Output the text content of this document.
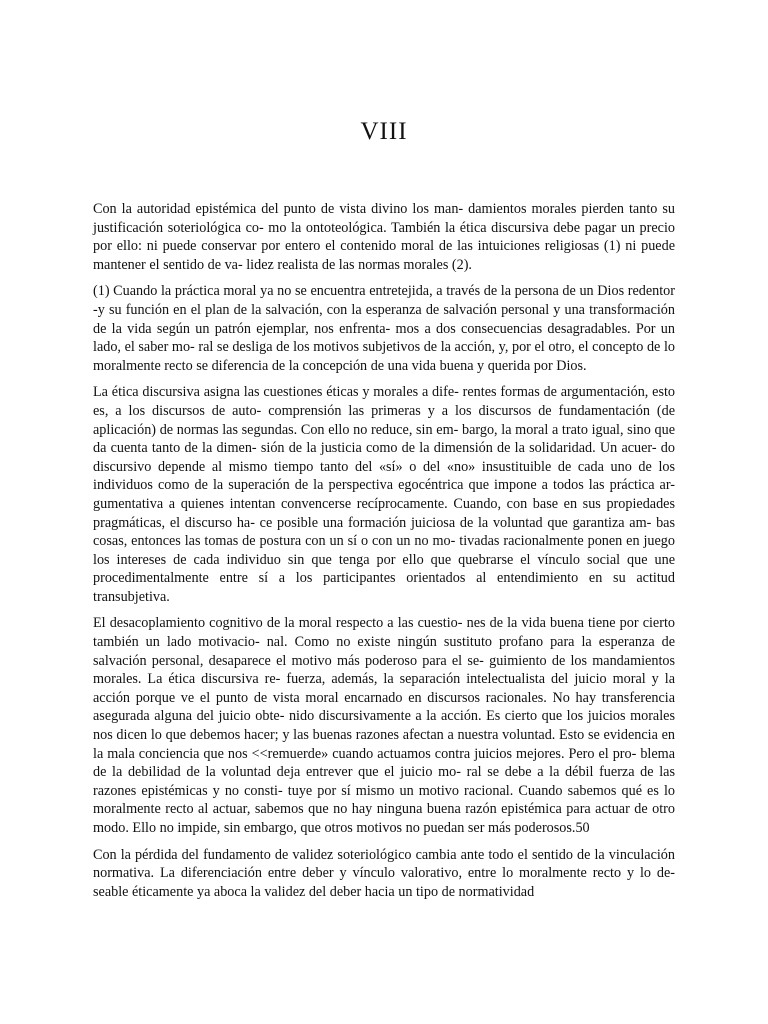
VIII

Con la autoridad epistémica del punto de vista divino los man- damientos morales pierden tanto su justificación soteriológica co- mo la ontoteológica. También la ética discursiva debe pagar un precio por ello: ni puede conservar por entero el contenido moral de las intuiciones religiosas (1) ni puede mantener el sentido de va- lidez realista de las normas morales (2).

(1) Cuando la práctica moral ya no se encuentra entretejida, a través de la persona de un Dios redentor -y su función en el plan de la salvación, con la esperanza de salvación personal y una transformación de la vida según un patrón ejemplar, nos enfrenta- mos a dos consecuencias desagradables. Por un lado, el saber mo- ral se desliga de los motivos subjetivos de la acción, y, por el otro, el concepto de lo moralmente recto se diferencia de la concepción de una vida buena y querida por Dios.

La ética discursiva asigna las cuestiones éticas y morales a dife- rentes formas de argumentación, esto es, a los discursos de auto- comprensión las primeras y a los discursos de fundamentación (de aplicación) de normas las segundas. Con ello no reduce, sin em- bargo, la moral a trato igual, sino que da cuenta tanto de la dimen- sión de la justicia como de la dimensión de la solidaridad. Un acuer- do discursivo depende al mismo tiempo tanto del «sí» o del «no» insustituible de cada uno de los individuos como de la superación de la perspectiva egocéntrica que impone a todos las práctica ar- gumentativa a quienes intentan convencerse recíprocamente. Cuando, con base en sus propiedades pragmáticas, el discurso ha- ce posible una formación juiciosa de la voluntad que garantiza am- bas cosas, entonces las tomas de postura con un sí o con un no mo- tivadas racionalmente ponen en juego los intereses de cada individuo sin que tenga por ello que quebrarse el vínculo social que une procedimentalmente entre sí a los participantes orientados al entendimiento en su actitud transubjetiva.

El desacoplamiento cognitivo de la moral respecto a las cuestio- nes de la vida buena tiene por cierto también un lado motivacio- nal. Como no existe ningún sustituto profano para la esperanza de salvación personal, desaparece el motivo más poderoso para el se- guimiento de los mandamientos morales. La ética discursiva re- fuerza, además, la separación intelectualista del juicio moral y la acción porque ve el punto de vista moral encarnado en discursos racionales. No hay transferencia asegurada alguna del juicio obte- nido discursivamente a la acción. Es cierto que los juicios morales nos dicen lo que debemos hacer; y las buenas razones afectan a nuestra voluntad. Esto se evidencia en la mala conciencia que nos <<remuerde» cuando actuamos contra juicios mejores. Pero el pro- blema de la debilidad de la voluntad deja entrever que el juicio mo- ral se debe a la débil fuerza de las razones epistémicas y no consti- tuye por sí mismo un motivo racional. Cuando sabemos qué es lo moralmente recto al actuar, sabemos que no hay ninguna buena razón epistémica para actuar de otro modo. Ello no impide, sin embargo, que otros motivos no puedan ser más poderosos.50

Con la pérdida del fundamento de validez soteriológico cambia ante todo el sentido de la vinculación normativa. La diferenciación entre deber y vínculo valorativo, entre lo moralmente recto y lo de- seable éticamente ya aboca la validez del deber hacia un tipo de normatividad
